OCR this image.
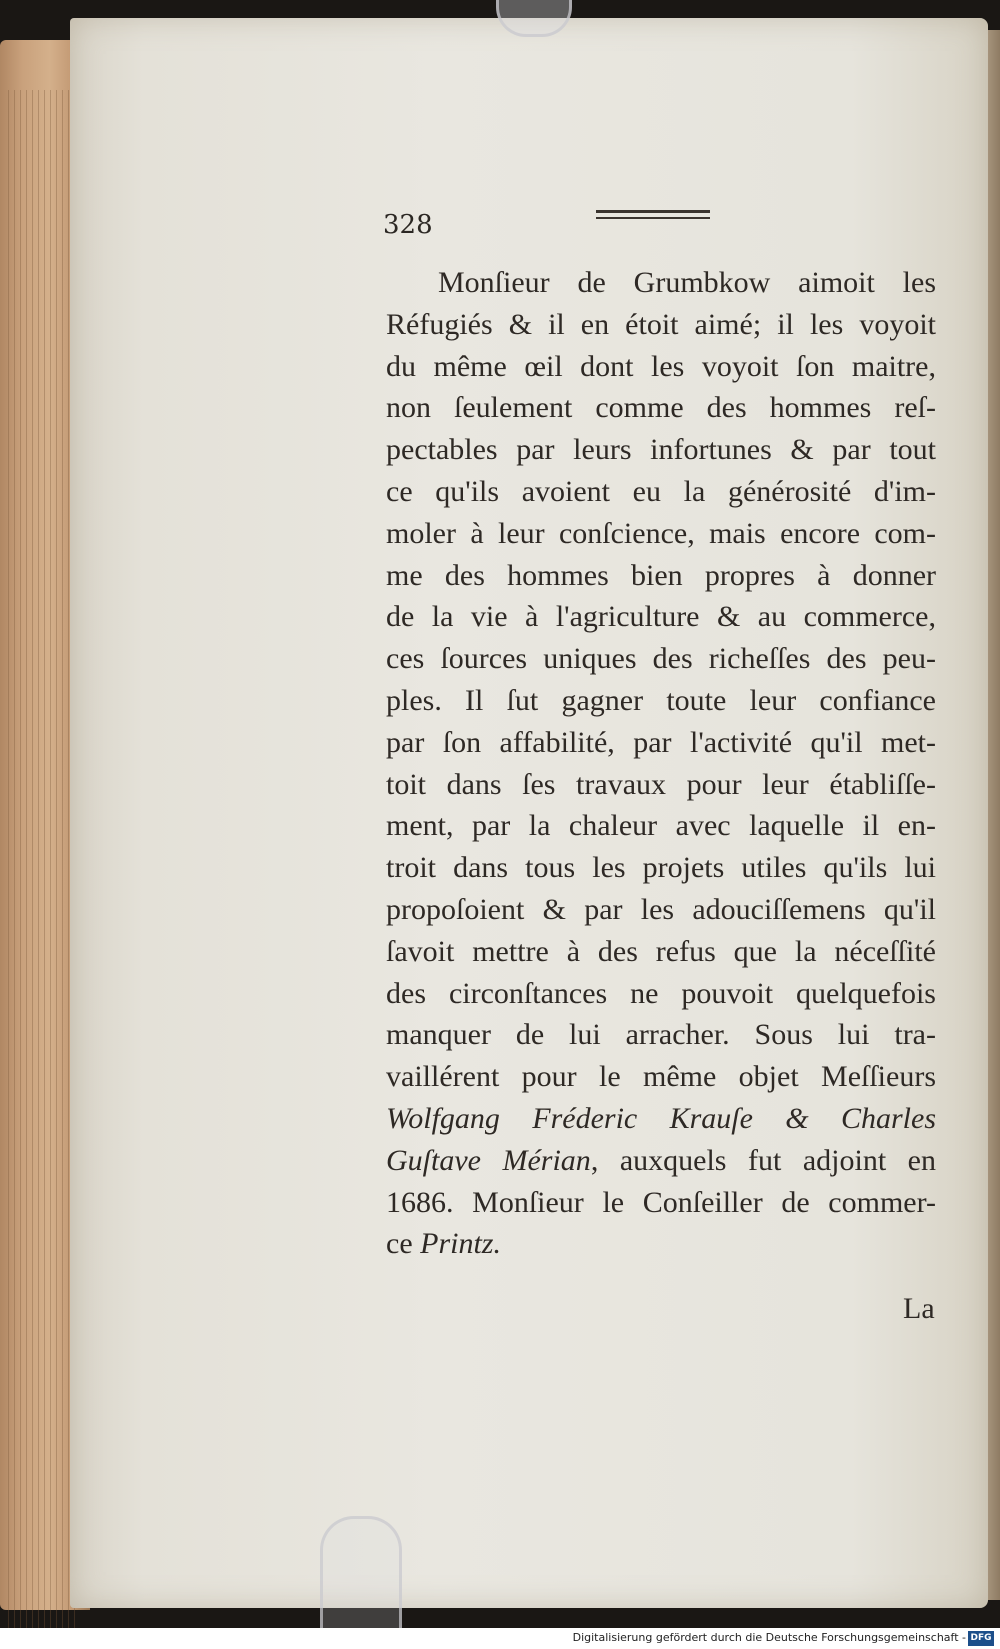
328
Monſieur de Grumbkow aimoit les
Réfugiés & il en étoit aimé; il les voyoit
du même œil dont les voyoit ſon maitre,
non ſeulement comme des hommes reſ-
pectables par leurs infortunes & par tout
ce qu'ils avoient eu la générosité d'im-
moler à leur conſcience, mais encore com-
me des hommes bien propres à donner
de la vie à l'agriculture & au commerce,
ces ſources uniques des richeſſes des peu-
ples. Il ſut gagner toute leur confiance
par ſon affabilité, par l'activité qu'il met-
toit dans ſes travaux pour leur établiſſe-
ment, par la chaleur avec laquelle il en-
troit dans tous les projets utiles qu'ils lui
propoſoient & par les adouciſſemens qu'il
ſavoit mettre à des refus que la néceſſité
des circonſtances ne pouvoit quelquefois
manquer de lui arracher. Sous lui tra-
vaillérent pour le même objet Meſſieurs
Wolfgang Fréderic Krauſe & Charles
Guſtave Mérian, auxquels fut adjoint en
1686. Monſieur le Conſeiller de commer-
ce Printz.
La
Digitalisierung gefördert durch die Deutsche Forschungsgemeinschaft - DFG
